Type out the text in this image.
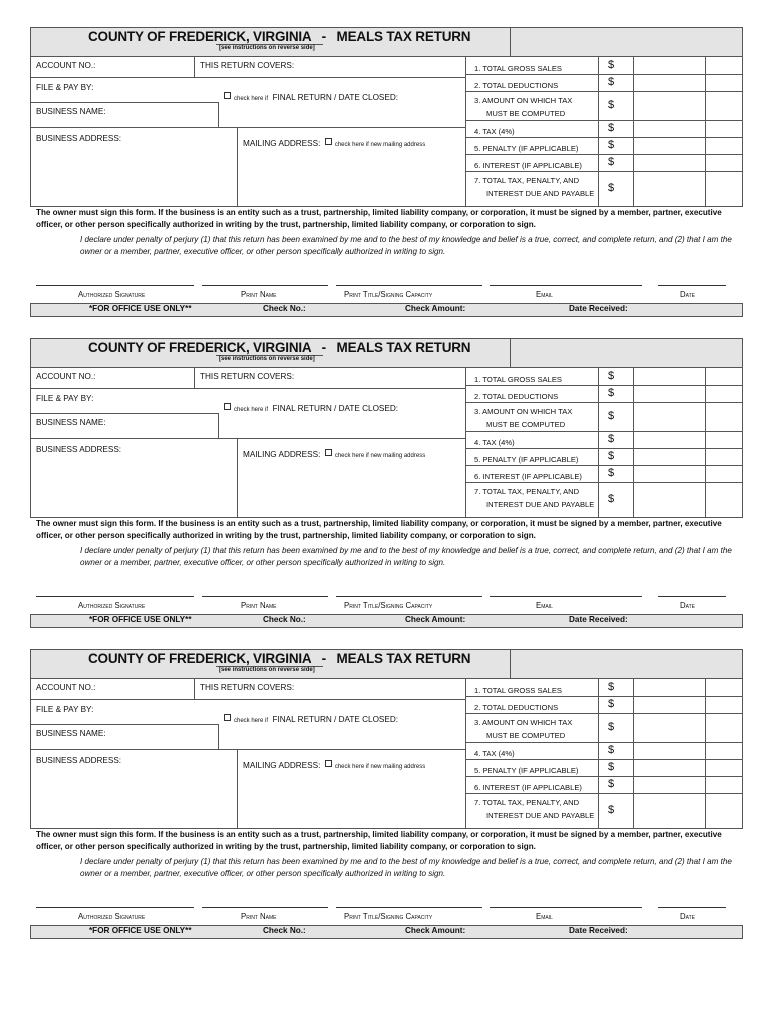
COUNTY OF FREDERICK, VIRGINIA   -   MEALS TAX RETURN
[see instructions on reverse side]
ACCOUNT NO.:	THIS RETURN COVERS:
FILE & PAY BY:
check here if FINAL RETURN / DATE CLOSED:
BUSINESS NAME:
BUSINESS ADDRESS:
MAILING ADDRESS: check here if new mailing address
1. TOTAL GROSS SALES	$
2. TOTAL DEDUCTIONS	$
3. AMOUNT ON WHICH TAX
MUST BE COMPUTED
$
4. TAX (4%)	$
5. PENALTY (IF APPLICABLE)	$
6. INTEREST (IF APPLICABLE) $
7. TOTAL TAX, PENALTY, AND
INTEREST DUE AND PAYABLE $
The owner must sign this form. If the business is an entity such as a trust, partnership, limited liability company, or corporation, it must be signed by a member, partner, executive officer, or other person specifically authorized in writing by the trust, partnership, limited liability company, or corporation to sign.
I declare under penalty of perjury (1) that this return has been examined by me and to the best of my knowledge and belief is a true, correct, and complete return, and (2) that I am the owner or a member, partner, executive officer, or other person specifically authorized in writing to sign.
Authorized Signature	Print Name	Print Title/Signing Capacity	Email	Date
*FOR OFFICE USE ONLY**	Check No.:	Check Amount:	Date Received:
COUNTY OF FREDERICK, VIRGINIA   -   MEALS TAX RETURN
[see instructions on reverse side]
ACCOUNT NO.:	THIS RETURN COVERS:
FILE & PAY BY:
check here if FINAL RETURN / DATE CLOSED:
BUSINESS NAME:
BUSINESS ADDRESS:
MAILING ADDRESS: check here if new mailing address
1. TOTAL GROSS SALES	$
2. TOTAL DEDUCTIONS	$
3. AMOUNT ON WHICH TAX
MUST BE COMPUTED
$
4. TAX (4%)	$
5. PENALTY (IF APPLICABLE)	$
6. INTEREST (IF APPLICABLE) $
7. TOTAL TAX, PENALTY, AND
INTEREST DUE AND PAYABLE $
The owner must sign this form. If the business is an entity such as a trust, partnership, limited liability company, or corporation, it must be signed by a member, partner, executive officer, or other person specifically authorized in writing by the trust, partnership, limited liability company, or corporation to sign.
I declare under penalty of perjury (1) that this return has been examined by me and to the best of my knowledge and belief is a true, correct, and complete return, and (2) that I am the owner or a member, partner, executive officer, or other person specifically authorized in writing to sign.
Authorized Signature	Print Name	Print Title/Signing Capacity	Email	Date
*FOR OFFICE USE ONLY**	Check No.:	Check Amount:	Date Received:
COUNTY OF FREDERICK, VIRGINIA   -   MEALS TAX RETURN
[see instructions on reverse side]
ACCOUNT NO.:	THIS RETURN COVERS:
FILE & PAY BY:
check here if FINAL RETURN / DATE CLOSED:
BUSINESS NAME:
BUSINESS ADDRESS:
MAILING ADDRESS: check here if new mailing address
1. TOTAL GROSS SALES	$
2. TOTAL DEDUCTIONS	$
3. AMOUNT ON WHICH TAX
MUST BE COMPUTED
$
4. TAX (4%)	$
5. PENALTY (IF APPLICABLE)	$
6. INTEREST (IF APPLICABLE) $
7. TOTAL TAX, PENALTY, AND
INTEREST DUE AND PAYABLE $
The owner must sign this form. If the business is an entity such as a trust, partnership, limited liability company, or corporation, it must be signed by a member, partner, executive officer, or other person specifically authorized in writing by the trust, partnership, limited liability company, or corporation to sign.
I declare under penalty of perjury (1) that this return has been examined by me and to the best of my knowledge and belief is a true, correct, and complete return, and (2) that I am the owner or a member, partner, executive officer, or other person specifically authorized in writing to sign.
Authorized Signature	Print Name	Print Title/Signing Capacity	Email	Date
*FOR OFFICE USE ONLY**	Check No.:	Check Amount:	Date Received:
